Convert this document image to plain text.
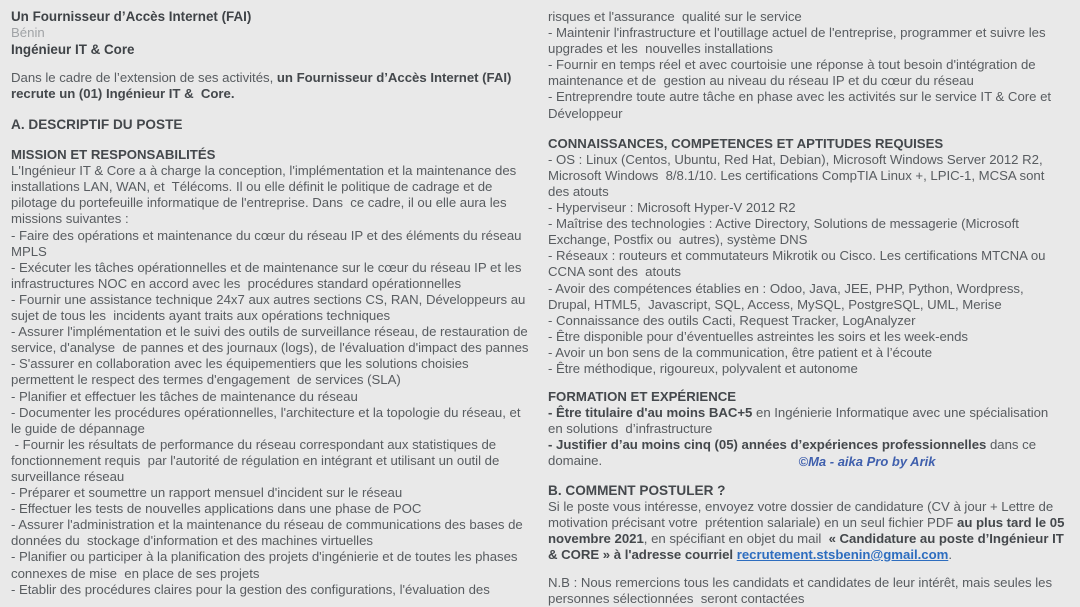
Un Fournisseur d’Accès Internet (FAI)
Bénin
Ingénieur IT & Core
Dans le cadre de l’extension de ses activités, un Fournisseur d’Accès Internet (FAI) recrute un (01) Ingénieur IT &  Core.
A. DESCRIPTIF DU POSTE
MISSION ET RESPONSABILITÉS
L'Ingénieur IT & Core a à charge la conception, l'implémentation et la maintenance des installations LAN, WAN, et  Télécoms. Il ou elle définit le politique de cadrage et de pilotage du portefeuille informatique de l'entreprise. Dans  ce cadre, il ou elle aura les missions suivantes :
- Faire des opérations et maintenance du cœur du réseau IP et des éléments du réseau MPLS
- Exécuter les tâches opérationnelles et de maintenance sur le cœur du réseau IP et les infrastructures NOC en accord avec les  procédures standard opérationnelles
- Fournir une assistance technique 24x7 aux autres sections CS, RAN, Développeurs au sujet de tous les  incidents ayant traits aux opérations techniques
- Assurer l'implémentation et le suivi des outils de surveillance réseau, de restauration de service, d'analyse  de pannes et des journaux (logs), de l'évaluation d'impact des pannes
- S'assurer en collaboration avec les équipementiers que les solutions choisies permettent le respect des termes d'engagement  de services (SLA)
- Planifier et effectuer les tâches de maintenance du réseau
- Documenter les procédures opérationnelles, l'architecture et la topologie du réseau, et le guide de dépannage
- Fournir les résultats de performance du réseau correspondant aux statistiques de fonctionnement requis  par l'autorité de régulation en intégrant et utilisant un outil de surveillance réseau
- Préparer et soumettre un rapport mensuel d'incident sur le réseau
- Effectuer les tests de nouvelles applications dans une phase de POC
- Assurer l'administration et la maintenance du réseau de communications des bases de données du  stockage d'information et des machines virtuelles
- Planifier ou participer à la planification des projets d'ingénierie et de toutes les phases connexes de mise  en place de ses projets
- Etablir des procédures claires pour la gestion des configurations, l'évaluation des
risques et l'assurance  qualité sur le service
- Maintenir l'infrastructure et l'outillage actuel de l'entreprise, programmer et suivre les upgrades et les  nouvelles installations
- Fournir en temps réel et avec courtoisie une réponse à tout besoin d'intégration de maintenance et de  gestion au niveau du réseau IP et du cœur du réseau
- Entreprendre toute autre tâche en phase avec les activités sur le service IT & Core et Développeur
CONNAISSANCES, COMPETENCES ET APTITUDES REQUISES
- OS : Linux (Centos, Ubuntu, Red Hat, Debian), Microsoft Windows Server 2012 R2, Microsoft Windows  8/8.1/10. Les certifications CompTIA Linux +, LPIC-1, MCSA sont des atouts
- Hyperviseur : Microsoft Hyper-V 2012 R2
- Maîtrise des technologies : Active Directory, Solutions de messagerie (Microsoft Exchange, Postfix ou  autres), système DNS
- Réseaux : routeurs et commutateurs Mikrotik ou Cisco. Les certifications MTCNA ou CCNA sont des  atouts
- Avoir des compétences établies en : Odoo, Java, JEE, PHP, Python, Wordpress, Drupal, HTML5,  Javascript, SQL, Access, MySQL, PostgreSQL, UML, Merise
- Connaissance des outils Cacti, Request Tracker, LogAnalyzer
- Être disponible pour d’éventuelles astreintes les soirs et les week-ends
- Avoir un bon sens de la communication, être patient et à l’écoute
- Être méthodique, rigoureux, polyvalent et autonome
FORMATION ET EXPÉRIENCE
- Être titulaire d'au moins BAC+5 en Ingénierie Informatique avec une spécialisation en solutions  d’infrastructure
- Justifier d’au moins cinq (05) années d’expériences professionnelles dans ce domaine.	©Ma - aika Pro by Arik
B. COMMENT POSTULER ?
Si le poste vous intéresse, envoyez votre dossier de candidature (CV à jour + Lettre de motivation précisant votre  prétention salariale) en un seul fichier PDF au plus tard le 05 novembre 2021, en spécifiant en objet du mail  « Candidature au poste d’Ingénieur IT & CORE » à l'adresse courriel recrutement.stsbenin@gmail.com.
N.B : Nous remercions tous les candidats et candidates de leur intérêt, mais seules les personnes sélectionnées  seront contactées
